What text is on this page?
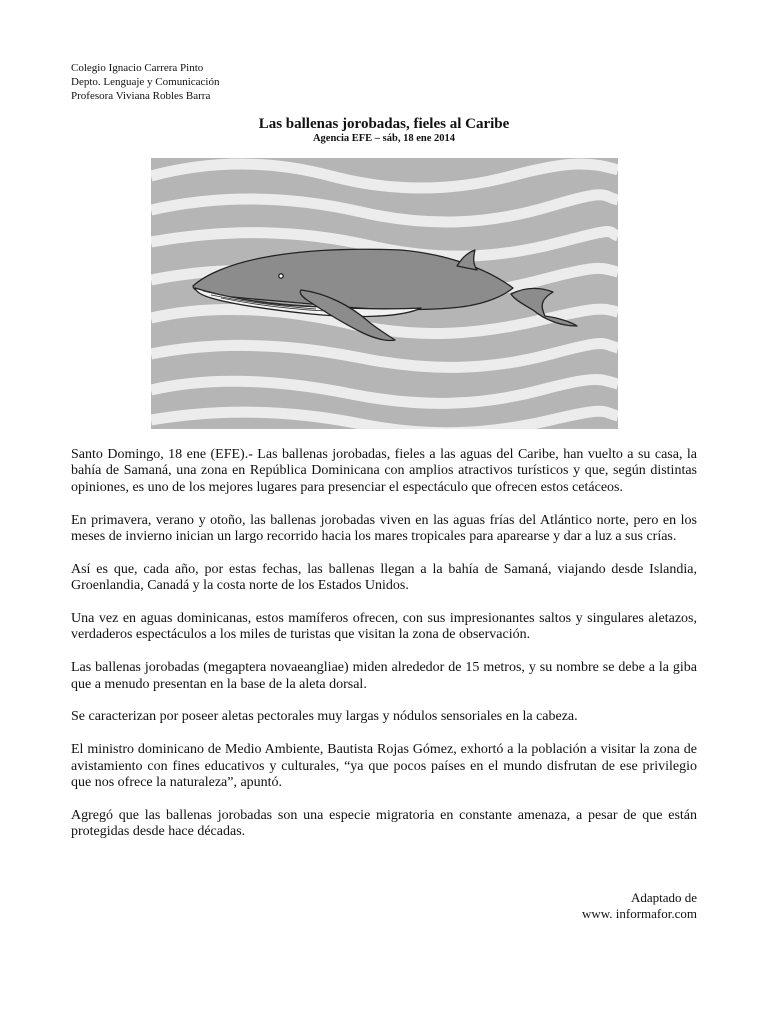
Colegio Ignacio Carrera Pinto
Depto. Lenguaje y Comunicación
Profesora Viviana Robles Barra
Las ballenas jorobadas, fieles al Caribe
Agencia EFE – sáb, 18 ene 2014

Santo Domingo, 18 ene (EFE).- Las ballenas jorobadas, fieles a las aguas del Caribe, han vuelto a su casa, la bahía de Samaná, una zona en República Dominicana con amplios atractivos turísticos y que, según distintas opiniones, es uno de los mejores lugares para presenciar el espectáculo que ofrecen estos cetáceos.

En primavera, verano y otoño, las ballenas jorobadas viven en las aguas frías del Atlántico norte, pero en los meses de invierno inician un largo recorrido hacia los mares tropicales para aparearse y dar a luz a sus crías.

Así es que, cada año, por estas fechas, las ballenas llegan a la bahía de Samaná, viajando desde Islandia, Groenlandia, Canadá y la costa norte de los Estados Unidos.

Una vez en aguas dominicanas, estos mamíferos ofrecen, con sus impresionantes saltos y singulares aletazos, verdaderos espectáculos a los miles de turistas que visitan la zona de observación.

Las ballenas jorobadas (megaptera novaeangliae) miden alrededor de 15 metros, y su nombre se debe a la giba que a menudo presentan en la base de la aleta dorsal.

Se caracterizan por poseer aletas pectorales muy largas y nódulos sensoriales en la cabeza.

El ministro dominicano de Medio Ambiente, Bautista Rojas Gómez, exhortó a la población a visitar la zona de avistamiento con fines educativos y culturales, “ya que pocos países en el mundo disfrutan de ese privilegio que nos ofrece la naturaleza”, apuntó.

Agregó que las ballenas jorobadas son una especie migratoria en constante amenaza, a pesar de que están protegidas desde hace décadas.

Adaptado de
www. informafor.com
